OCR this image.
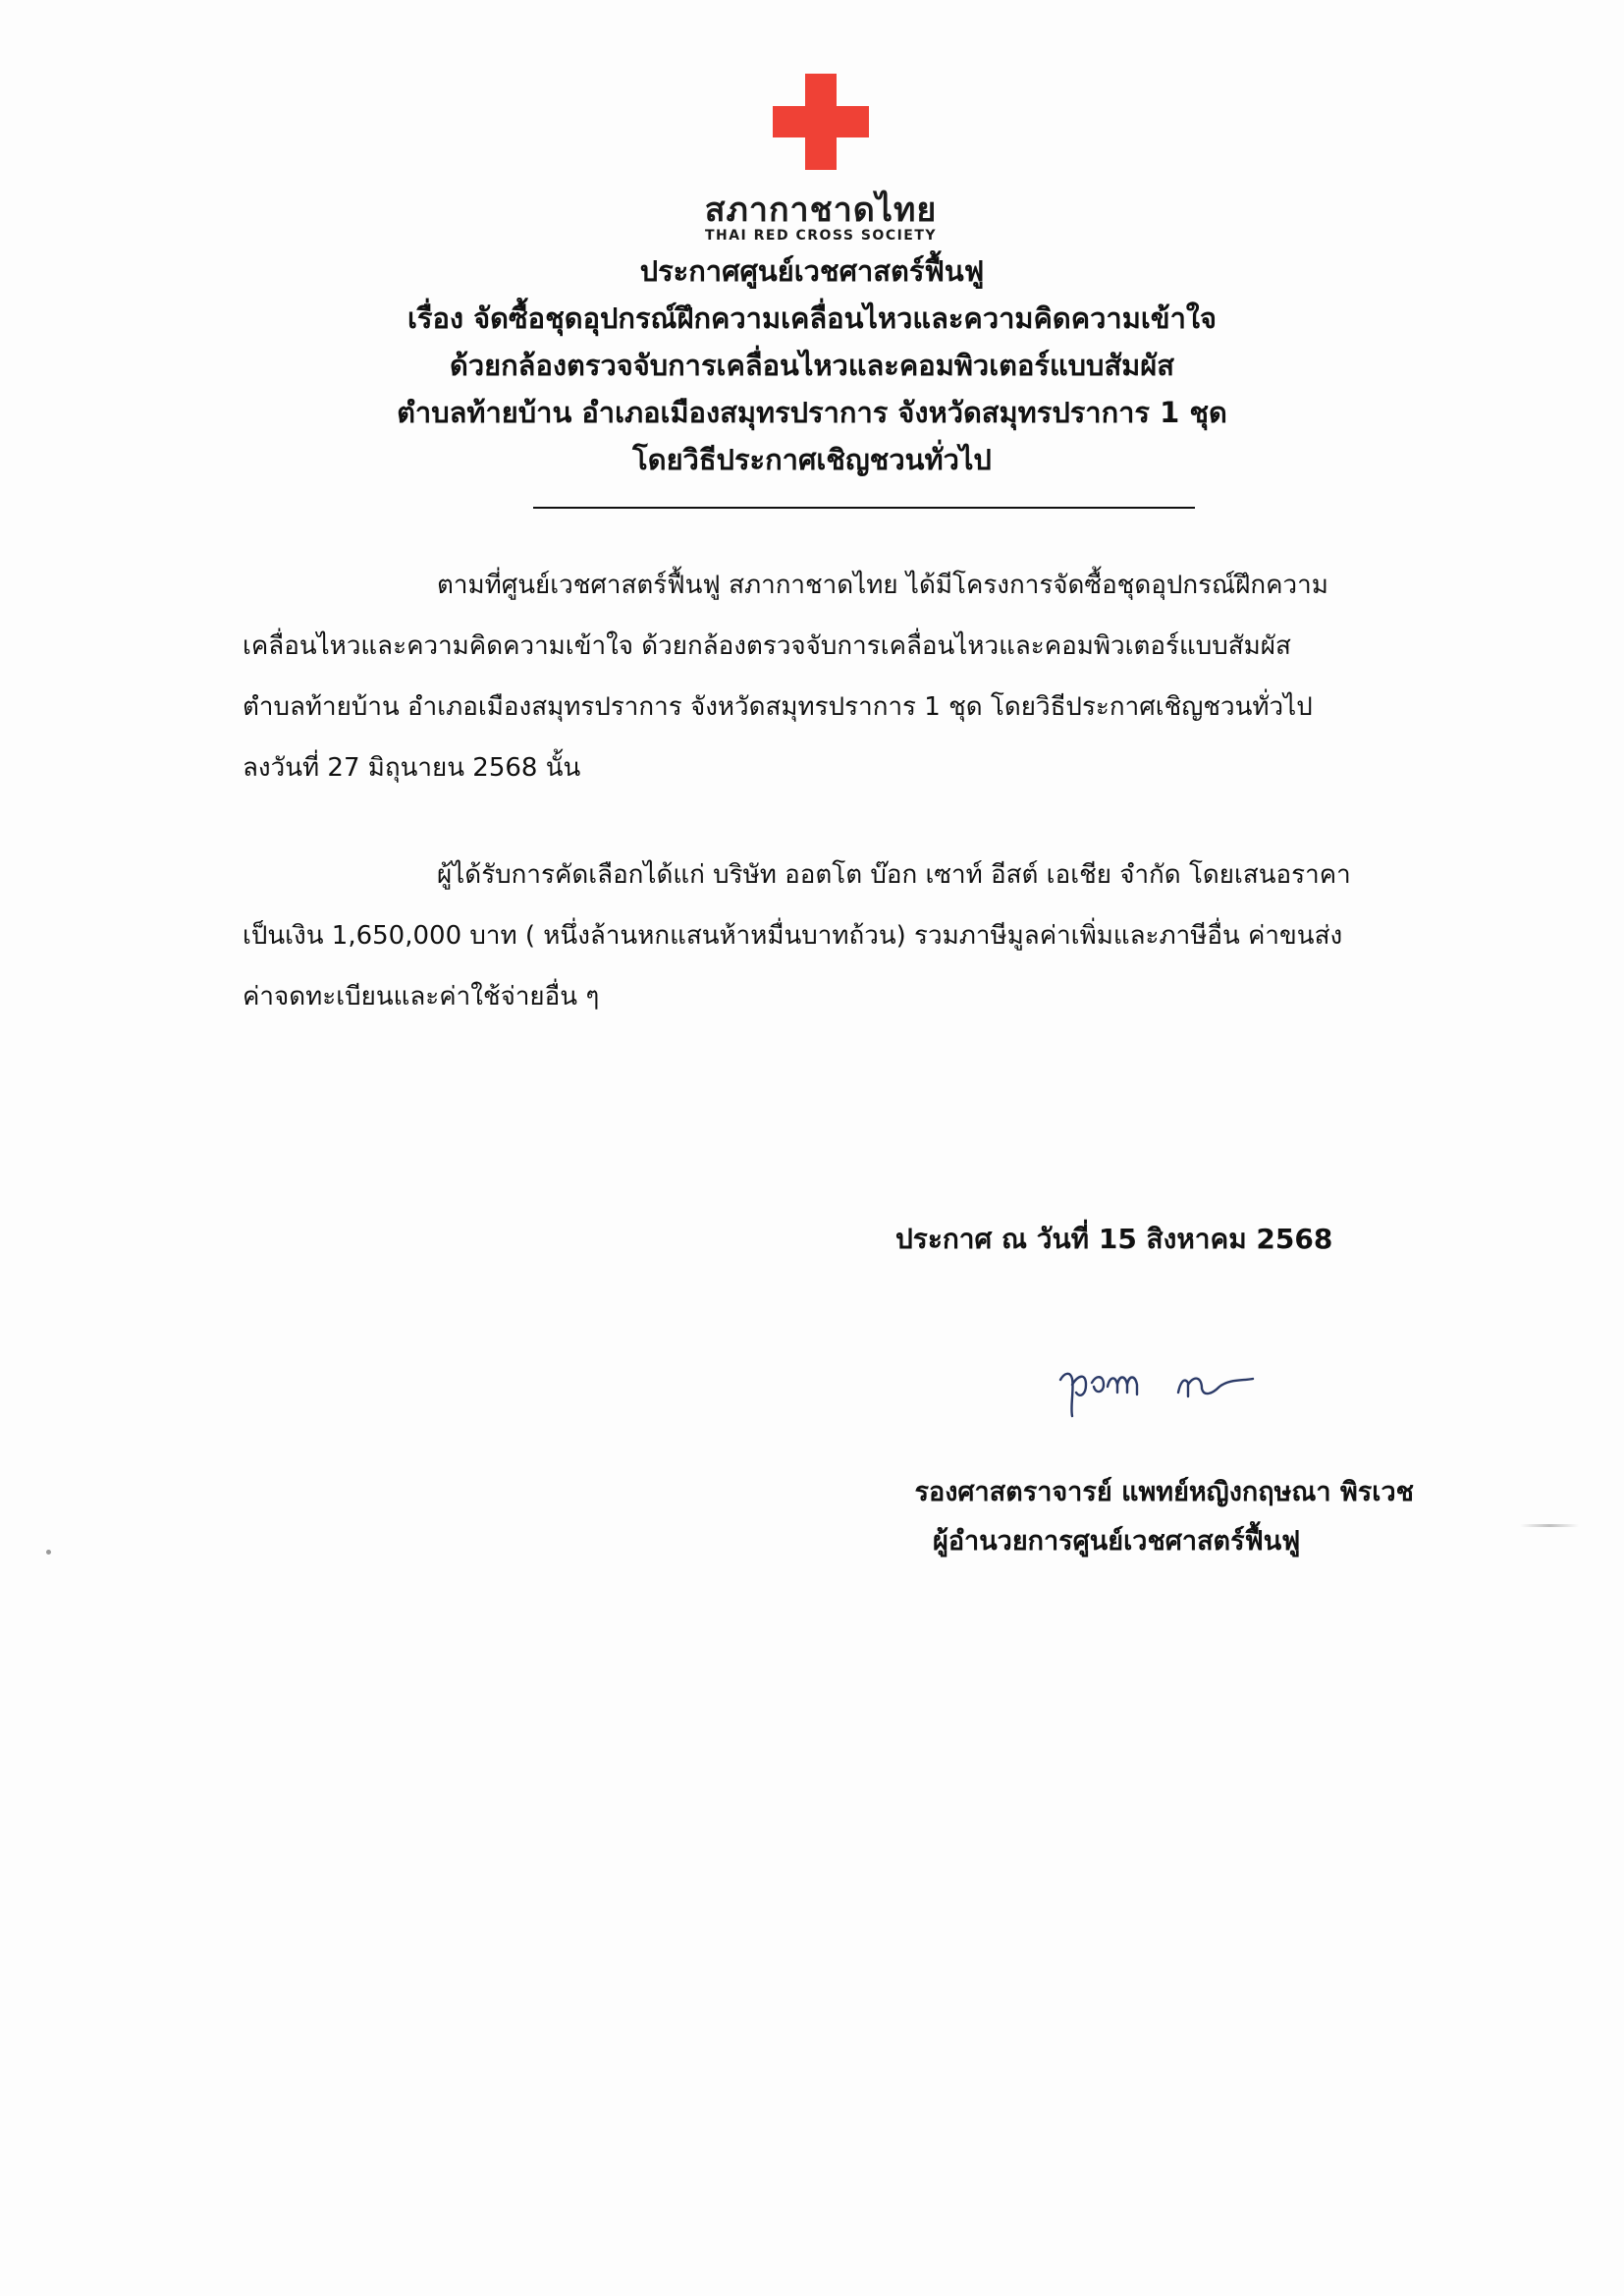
สภากาชาดไทย
THAI RED CROSS SOCIETY
ประกาศศูนย์เวชศาสตร์ฟื้นฟู
เรื่อง จัดซื้อชุดอุปกรณ์ฝึกความเคลื่อนไหวและความคิดความเข้าใจ
ด้วยกล้องตรวจจับการเคลื่อนไหวและคอมพิวเตอร์แบบสัมผัส
ตำบลท้ายบ้าน อำเภอเมืองสมุทรปราการ จังหวัดสมุทรปราการ 1 ชุด
โดยวิธีประกาศเชิญชวนทั่วไป
ตามที่ศูนย์เวชศาสตร์ฟื้นฟู สภากาชาดไทย ได้มีโครงการจัดซื้อชุดอุปกรณ์ฝึกความ
เคลื่อนไหวและความคิดความเข้าใจ ด้วยกล้องตรวจจับการเคลื่อนไหวและคอมพิวเตอร์แบบสัมผัส
ตำบลท้ายบ้าน อำเภอเมืองสมุทรปราการ จังหวัดสมุทรปราการ 1 ชุด โดยวิธีประกาศเชิญชวนทั่วไป
ลงวันที่ 27 มิถุนายน 2568 นั้น
ผู้ได้รับการคัดเลือกได้แก่ บริษัท ออตโต บ๊อก เซาท์ อีสต์ เอเชีย จำกัด โดยเสนอราคา
เป็นเงิน 1,650,000 บาท ( หนึ่งล้านหกแสนห้าหมื่นบาทถ้วน) รวมภาษีมูลค่าเพิ่มและภาษีอื่น ค่าขนส่ง
ค่าจดทะเบียนและค่าใช้จ่ายอื่น ๆ
ประกาศ ณ วันที่ 15 สิงหาคม 2568
รองศาสตราจารย์ แพทย์หญิงกฤษณา พิรเวช
ผู้อำนวยการศูนย์เวชศาสตร์ฟื้นฟู
